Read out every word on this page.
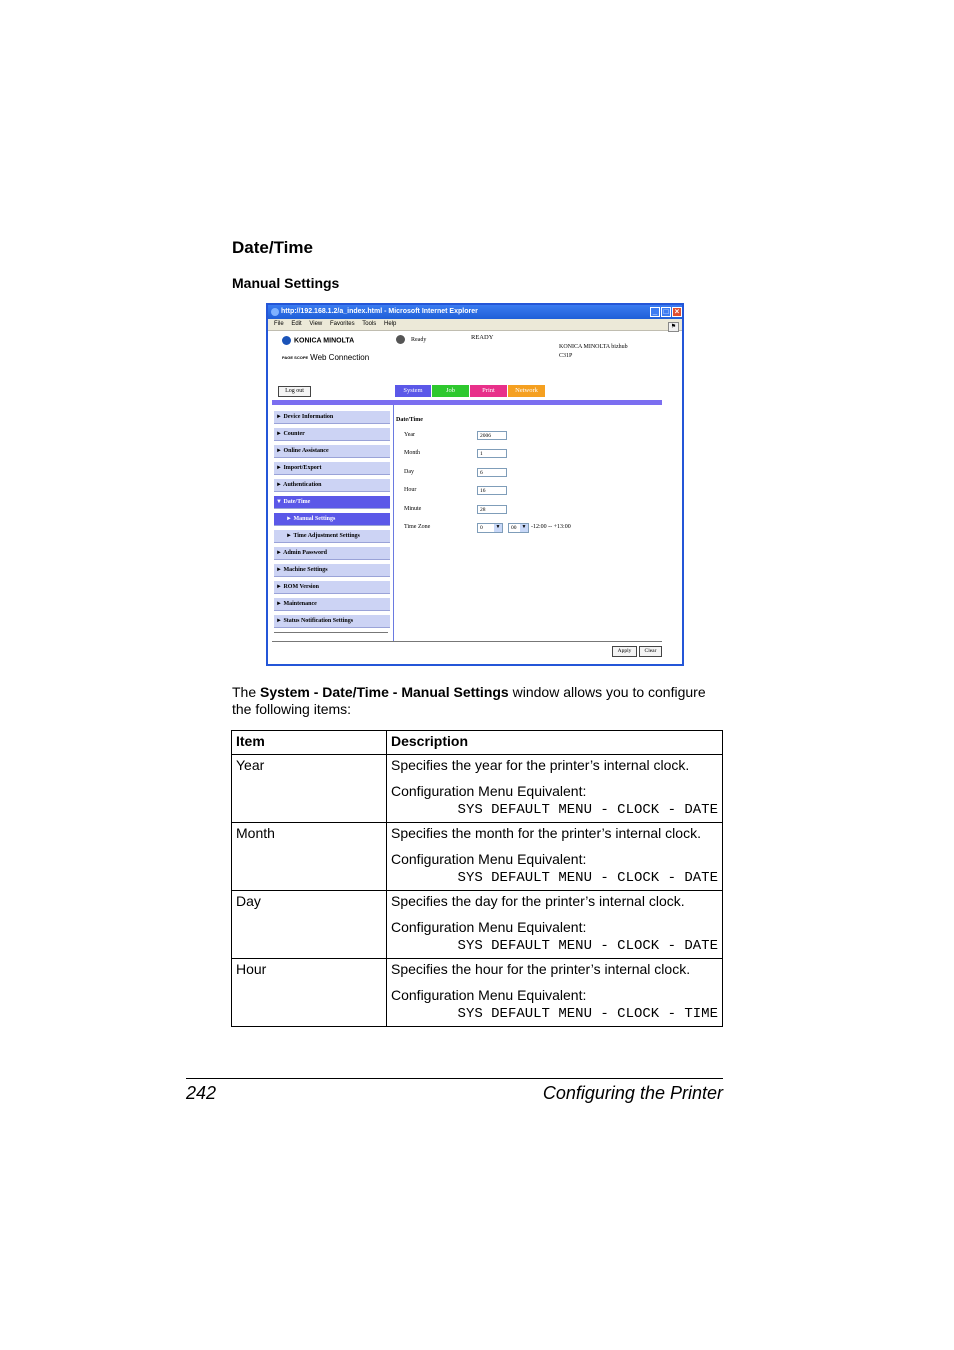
Date/Time
Manual Settings
http://192.168.1.2/a_index.html - Microsoft Internet Explorer	_ □ ×
File Edit View Favorites Tools Help	⚑
KONICA MINOLTA
PAGE SCOPE Web Connection
Ready	READY
KONICA MINOLTA bizhub
C31P
Log out	System	Job	Print	Network
► Device Information
► Counter
► Online Assistance
► Import/Export
► Authentication
▼ Date/Time
► Manual Settings
► Time Adjustment Settings
► Admin Password
► Machine Settings
► ROM Version
► Maintenance
► Status Notification Settings
Date/Time
Year	2006
Month	1
Day	6
Hour	16
Minute	28
Time Zone	0	▼	00	▼ -12:00 -- +13:00
Apply	Clear
The System - Date/Time - Manual Settings window allows you to configure the following items:
Item	Description
Year	Specifies the year for the printer’s internal clock.
Configuration Menu Equivalent:
SYS DEFAULT MENU - CLOCK - DATE

Month	Specifies the month for the printer’s internal clock.
Configuration Menu Equivalent:
SYS DEFAULT MENU - CLOCK - DATE

Day	Specifies the day for the printer’s internal clock.
Configuration Menu Equivalent:
SYS DEFAULT MENU - CLOCK - DATE

Hour	Specifies the hour for the printer’s internal clock.
Configuration Menu Equivalent:
SYS DEFAULT MENU - CLOCK - TIME
242	Configuring the Printer
